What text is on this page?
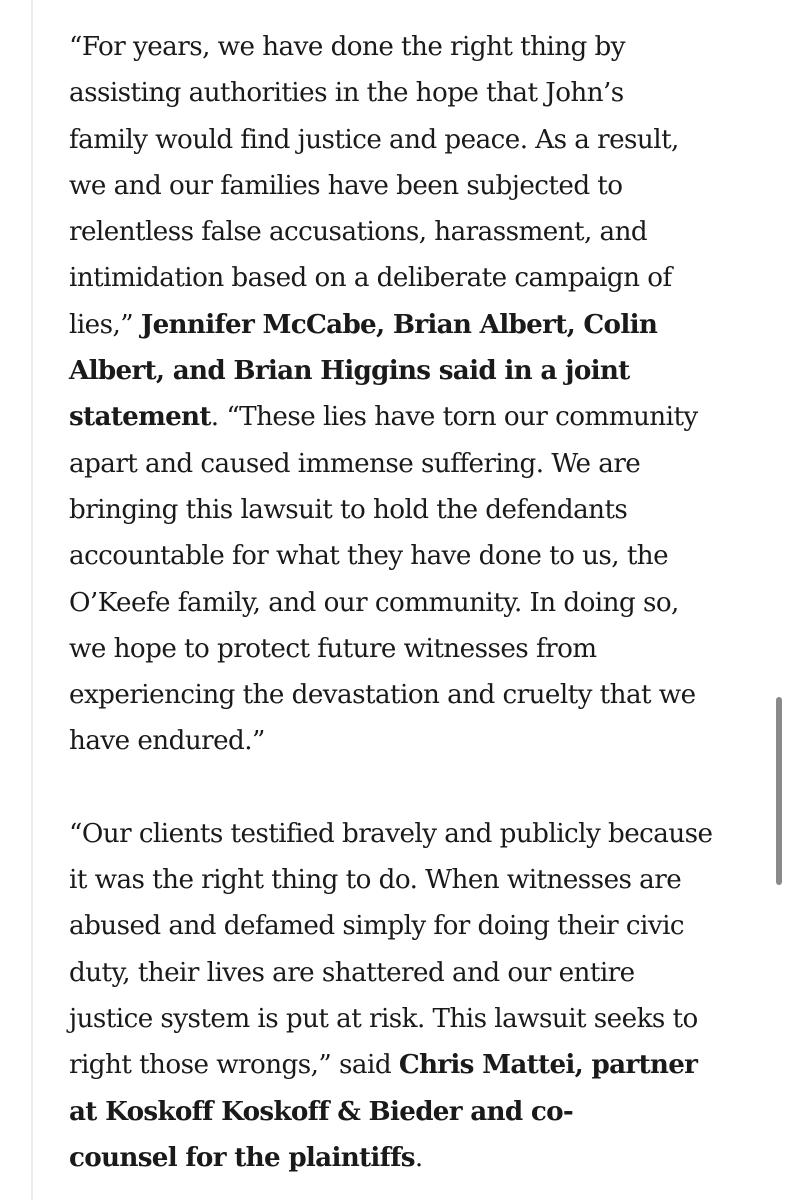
“For years, we have done the right thing by
assisting authorities in the hope that John’s
family would find justice and peace. As a result,
we and our families have been subjected to
relentless false accusations, harassment, and
intimidation based on a deliberate campaign of
lies,” Jennifer McCabe, Brian Albert, Colin
Albert, and Brian Higgins said in a joint
statement. “These lies have torn our community
apart and caused immense suffering. We are
bringing this lawsuit to hold the defendants
accountable for what they have done to us, the
O’Keefe family, and our community. In doing so,
we hope to protect future witnesses from
experiencing the devastation and cruelty that we
have endured.”

“Our clients testified bravely and publicly because
it was the right thing to do. When witnesses are
abused and defamed simply for doing their civic
duty, their lives are shattered and our entire
justice system is put at risk. This lawsuit seeks to
right those wrongs,” said Chris Mattei, partner
at Koskoff Koskoff & Bieder and co-
counsel for the plaintiffs.
